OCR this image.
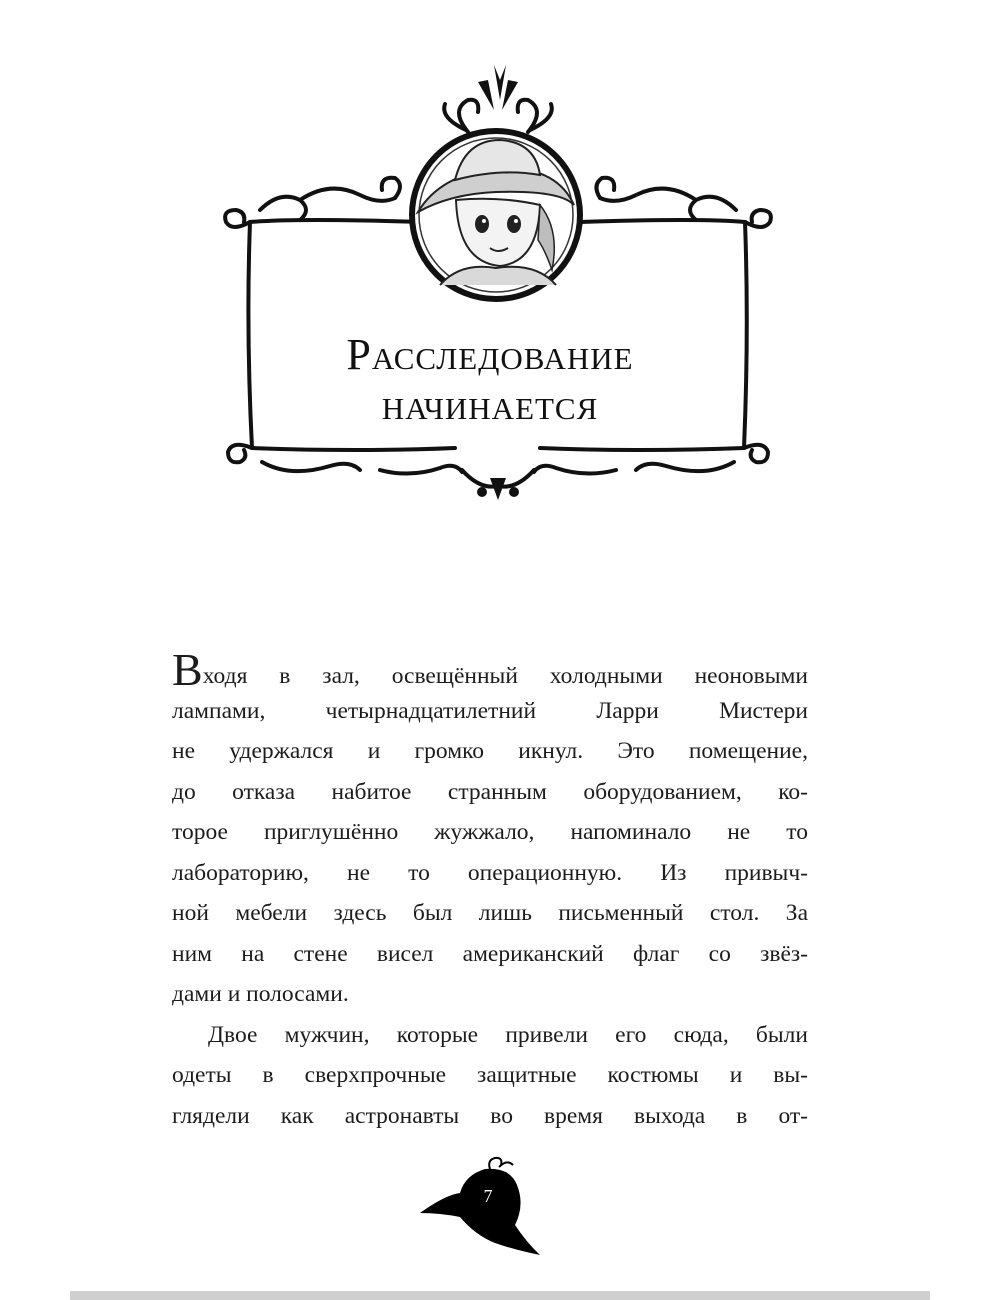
Расследование
начинается
Входя в зал, освещённый холодными неоновыми
лампами, четырнадцатилетний Ларри Мистери
не удержался и громко икнул. Это помещение,
до отказа набитое странным оборудованием, ко-
торое приглушённо жужжало, напоминало не то
лабораторию, не то операционную. Из привыч-
ной мебели здесь был лишь письменный стол. За
ним на стене висел американский флаг со звёз-
дами и полосами.
Двое мужчин, которые привели его сюда, были
одеты в сверхпрочные защитные костюмы и вы-
глядели как астронавты во время выхода в от-
7
